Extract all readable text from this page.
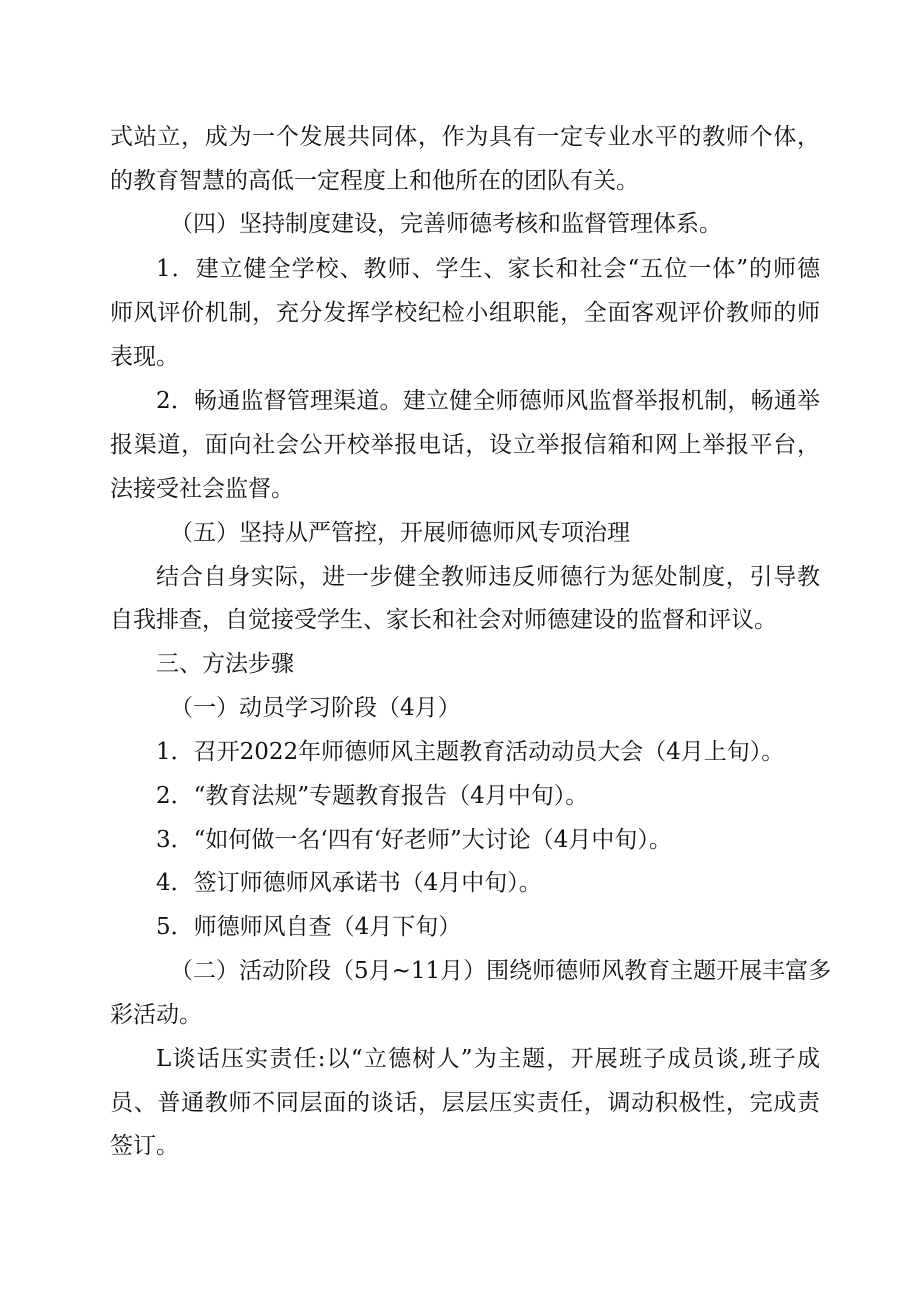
式站立，成为一个发展共同体，作为具有一定专业水平的教师个体，
的教育智慧的高低一定程度上和他所在的团队有关。
（四）坚持制度建设，完善师德考核和监督管理体系。
1．建立健全学校、教师、学生、家长和社会“五位一体”的师德
师风评价机制，充分发挥学校纪检小组职能，全面客观评价教师的师
表现。
2．畅通监督管理渠道。建立健全师德师风监督举报机制，畅通举
报渠道，面向社会公开校举报电话，设立举报信箱和网上举报平台，
法接受社会监督。
（五）坚持从严管控，开展师德师风专项治理
结合自身实际，进一步健全教师违反师德行为惩处制度，引导教
自我排查，自觉接受学生、家长和社会对师德建设的监督和评议。
三、方法步骤
（一）动员学习阶段（4月）
1．召开2022年师德师风主题教育活动动员大会（4月上旬）。
2．“教育法规”专题教育报告（4月中旬）。
3．“如何做一名‘四有‘好老师”大讨论（4月中旬）。
4．签订师德师风承诺书（4月中旬）。
5．师德师风自查（4月下旬）
（二）活动阶段（5月~11月）围绕师德师风教育主题开展丰富多
彩活动。
L谈话压实责任:以“立德树人”为主题，开展班子成员谈,班子成
员、普通教师不同层面的谈话，层层压实责任，调动积极性，完成责
签订。
